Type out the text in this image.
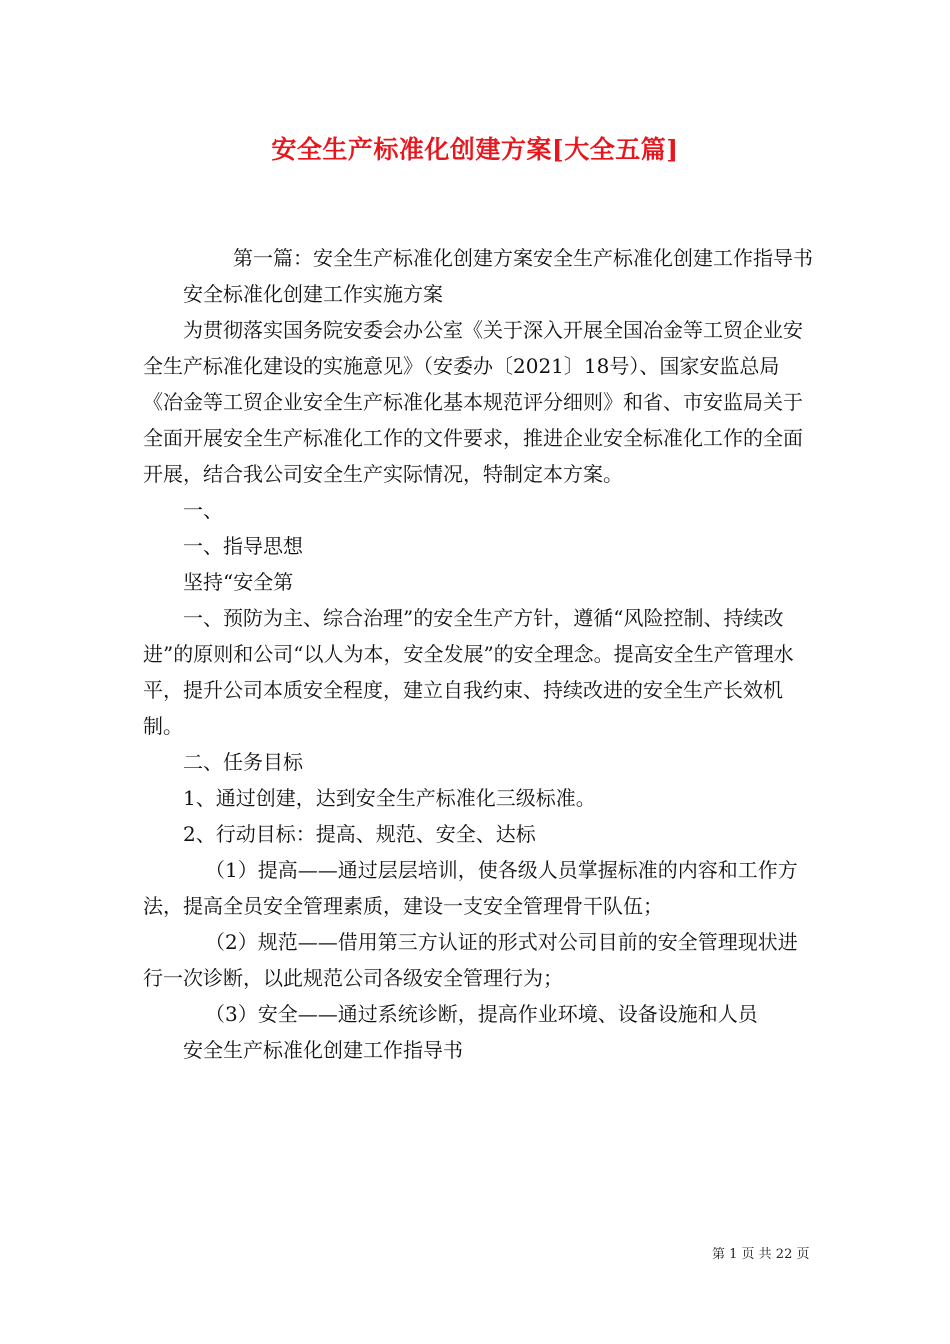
安全生产标准化创建方案[大全五篇]

第一篇：安全生产标准化创建方案安全生产标准化创建工作指导书

安全标准化创建工作实施方案

为贯彻落实国务院安委会办公室《关于深入开展全国冶金等工贸企业安全生产标准化建设的实施意见》（安委办〔2021〕18号）、国家安监总局《冶金等工贸企业安全生产标准化基本规范评分细则》和省、市安监局关于全面开展安全生产标准化工作的文件要求，推进企业安全标准化工作的全面开展，结合我公司安全生产实际情况，特制定本方案。

一、

一、指导思想

坚持“安全第

一、预防为主、综合治理”的安全生产方针，遵循“风险控制、持续改进”的原则和公司“以人为本，安全发展”的安全理念。提高安全生产管理水平，提升公司本质安全程度，建立自我约束、持续改进的安全生产长效机制。

二、任务目标

1、通过创建，达到安全生产标准化三级标准。

2、行动目标：提高、规范、安全、达标

（1）提高——通过层层培训，使各级人员掌握标准的内容和工作方法，提高全员安全管理素质，建设一支安全管理骨干队伍；

（2）规范——借用第三方认证的形式对公司目前的安全管理现状进行一次诊断，以此规范公司各级安全管理行为；

（3）安全——通过系统诊断，提高作业环境、设备设施和人员

安全生产标准化创建工作指导书

第 1 页 共 22 页
